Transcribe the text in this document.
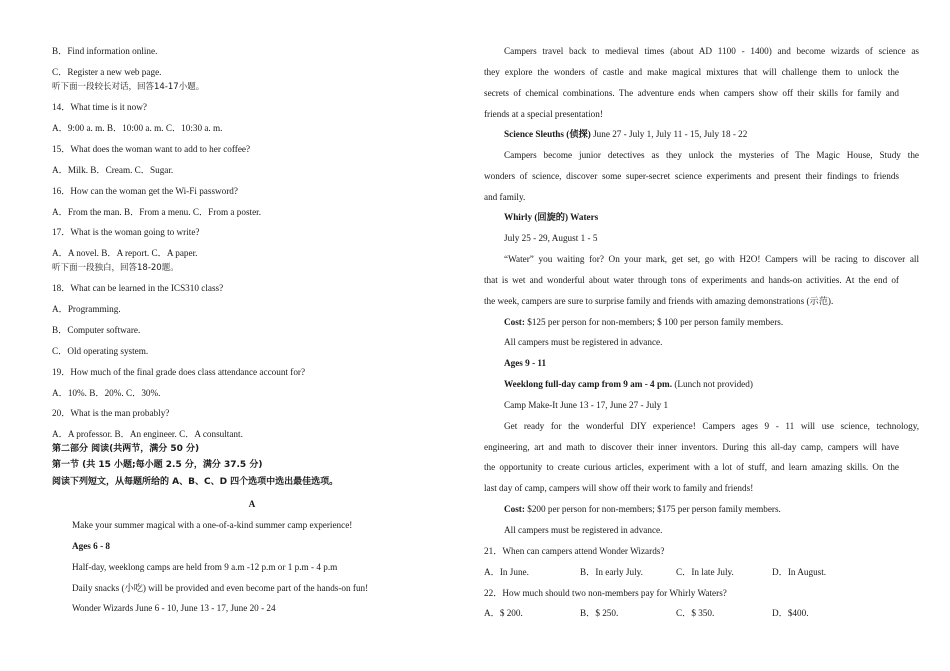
B．Find information online.
C．Register a new web page.
听下面一段较长对话，回答14-17小题。
14．What time is it now?
A．9:00 a. m. B．10:00 a. m. C．10:30 a. m.
15．What does the woman want to add to her coffee?
A．Milk. B．Cream. C．Sugar.
16．How can the woman get the Wi-Fi password?
A．From the man. B．From a menu. C．From a poster.
17．What is the woman going to write?
A．A novel. B．A report. C．A paper.
听下面一段独白，回答18-20题。
18．What can be learned in the ICS310 class?
A．Programming.
B．Computer software.
C．Old operating system.
19．How much of the final grade does class attendance account for?
A．10%. B．20%. C．30%.
20．What is the man probably?
A．A professor. B．An engineer. C．A consultant.
第二部分 阅读(共两节，满分 50 分)
第一节 (共 15 小题;每小题 2.5 分，满分 37.5 分)
阅读下列短文，从每题所给的 A、B、C、D 四个选项中选出最佳选项。
A
Make your summer magical with a one-of-a-kind summer camp experience!
Ages 6 - 8
Half-day, weeklong camps are held from 9 a.m -12 p.m or 1 p.m - 4 p.m
Daily snacks (小吃) will be provided and even become part of the hands-on fun!
Wonder Wizards June 6 - 10, June 13 - 17, June 20 - 24
A．In June.	B．In early July.	C．In late July.	D．In August.
22．How much should two non-members pay for Whirly Waters?
A．$ 200.	B．$ 250.	C．$ 350.	D．$400.
Campers travel back to medieval times (about AD 1100 - 1400) and become wizards of science as
they explore the wonders of castle and make magical mixtures that will challenge them to unlock the
secrets of chemical combinations. The adventure ends when campers show off their skills for family and
friends at a special presentation!
Science Sleuths (侦探) June 27 - July 1, July 11 - 15, July 18 - 22
Campers become junior detectives as they unlock the mysteries of The Magic House, Study the
wonders of science, discover some super-secret science experiments and present their findings to friends
and family.
Whirly (回旋的) Waters
July 25 - 29, August 1 - 5
“Water” you waiting for? On your mark, get set, go with H2O! Campers will be racing to discover all
that is wet and wonderful about water through tons of experiments and hands-on activities. At the end of
the week, campers are sure to surprise family and friends with amazing demonstrations (示范).
Cost: $125 per person for non-members; $ 100 per person family members.
All campers must be registered in advance.
Ages 9 - 11
Weeklong full-day camp from 9 am - 4 pm. (Lunch not provided)
Camp Make-It June 13 - 17, June 27 - July 1
Get ready for the wonderful DIY experience! Campers ages 9 - 11 will use science, technology,
engineering, art and math to discover their inner inventors. During this all-day camp, campers will have
the opportunity to create curious articles, experiment with a lot of stuff, and learn amazing skills. On the
last day of camp, campers will show off their work to family and friends!
Cost: $200 per person for non-members; $175 per person family members.
All campers must be registered in advance.
21．When can campers attend Wonder Wizards?
